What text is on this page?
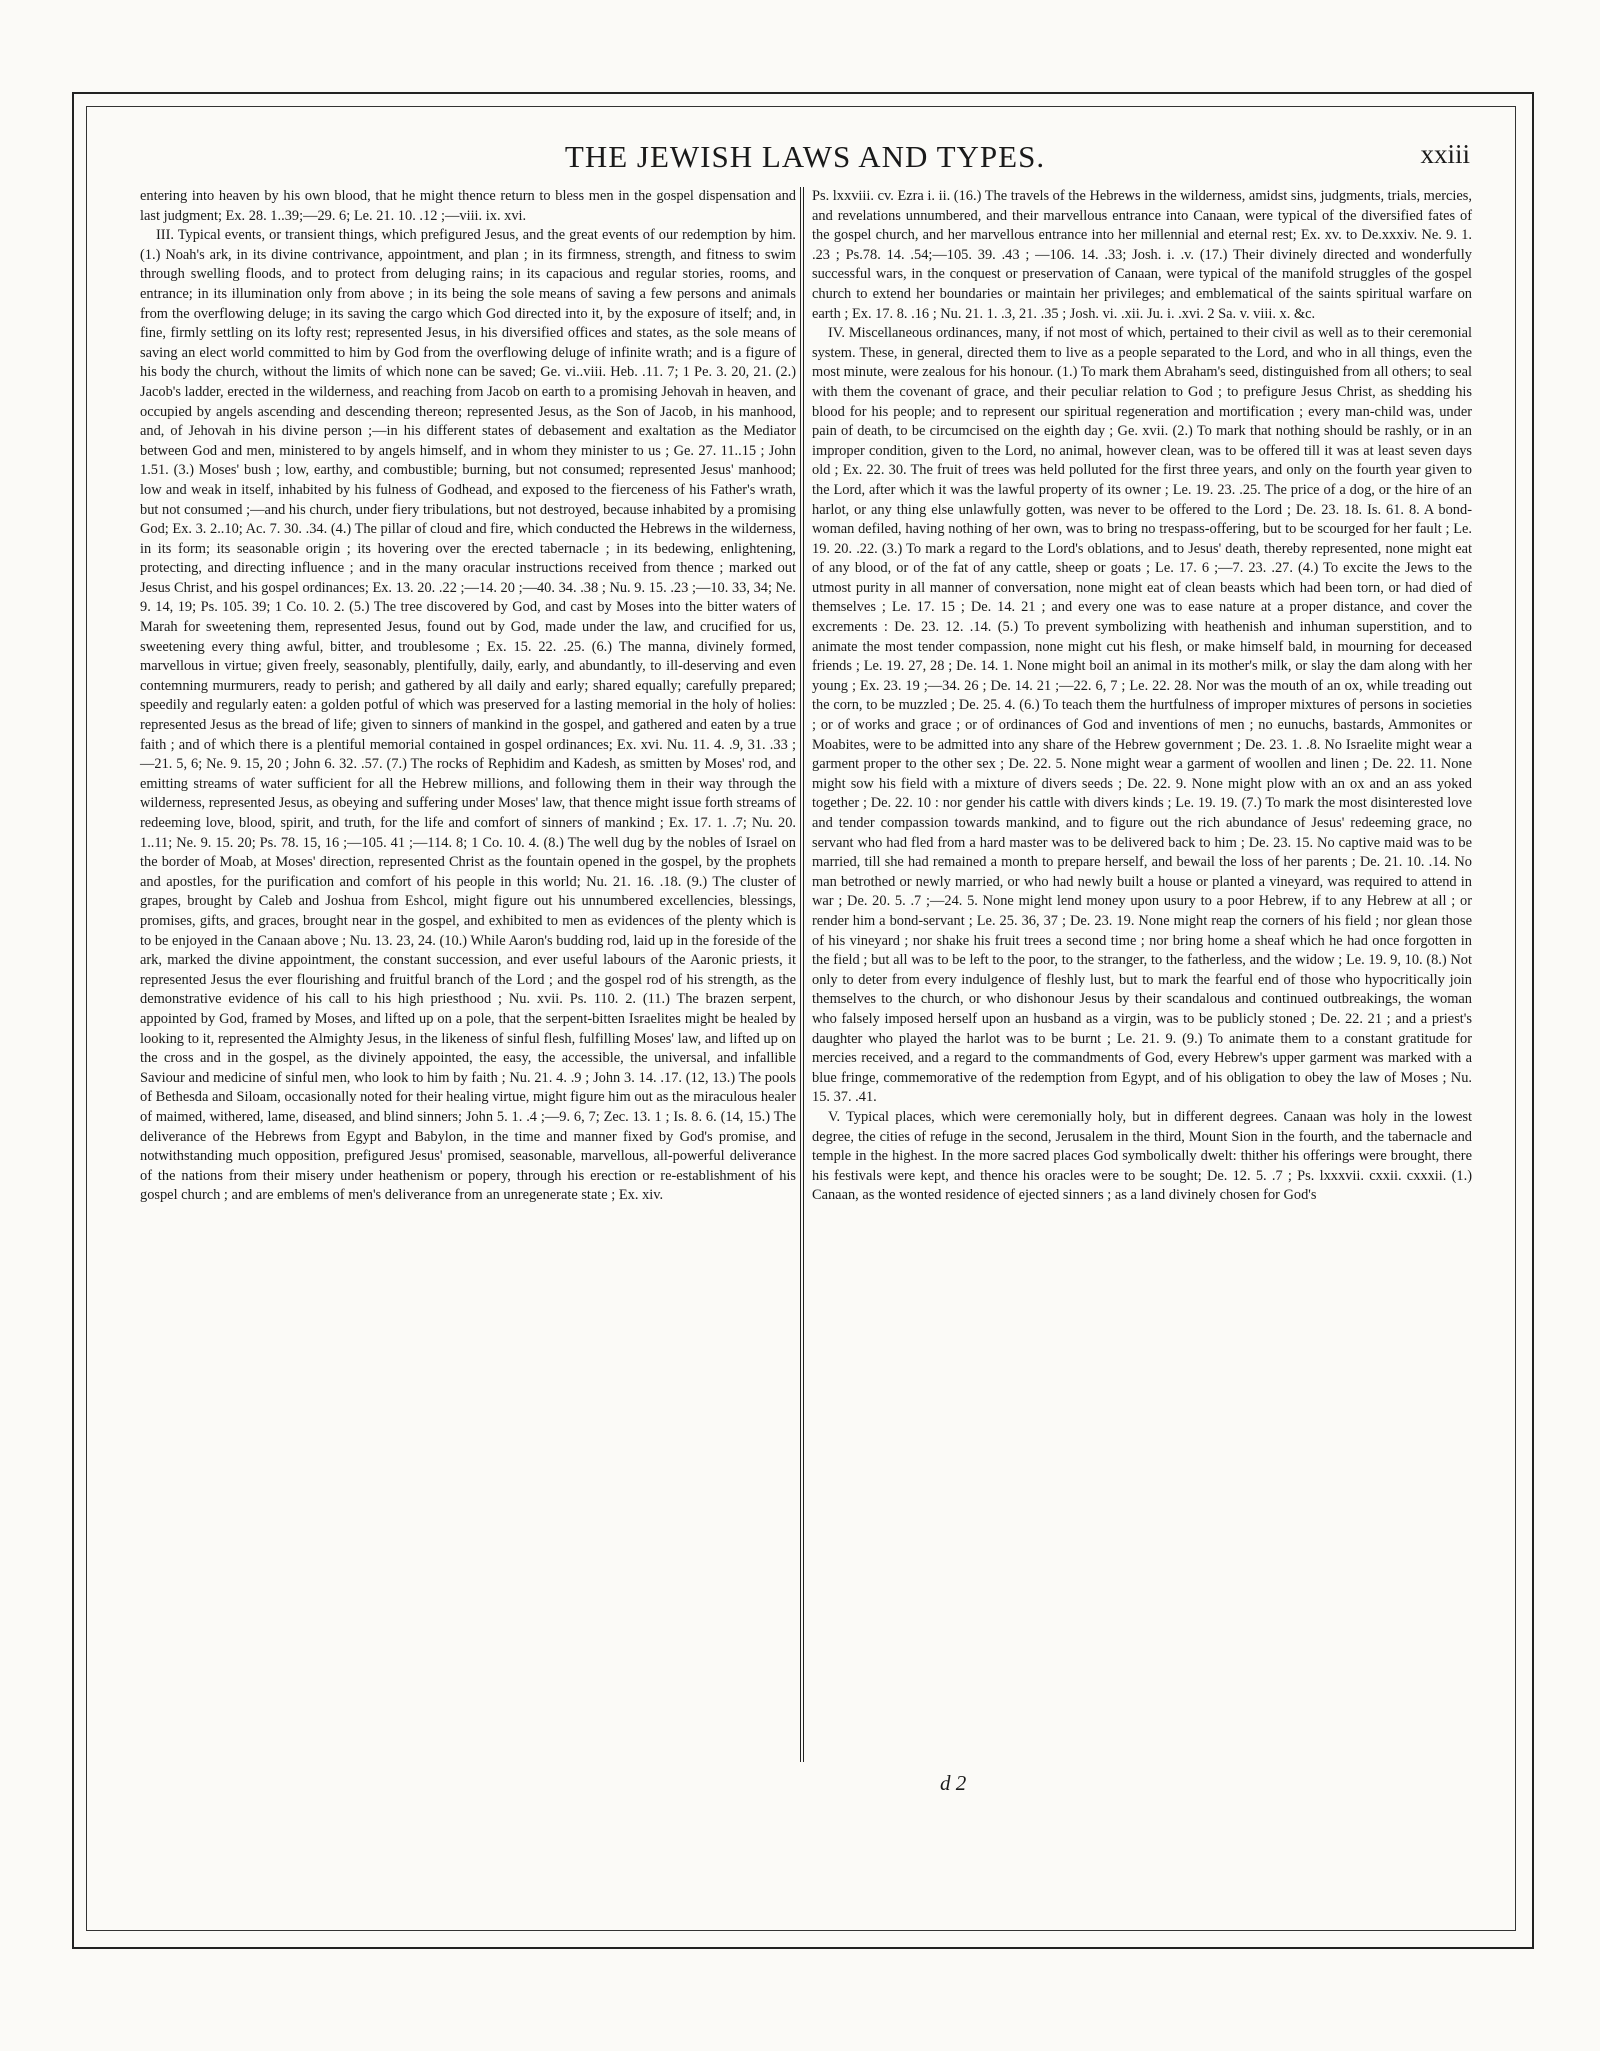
THE JEWISH LAWS AND TYPES.	xxiii

entering into heaven by his own blood, that he might thence return to bless men in the gospel dispensation and last judgment; Ex. 28. 1..39;—29. 6; Le. 21. 10. .12 ;—viii. ix. xvi.

III. Typical events, or transient things, which prefigured Jesus, and the great events of our redemption by him. (1.) Noah's ark, in its divine contrivance, appointment, and plan ; in its firmness, strength, and fitness to swim through swelling floods, and to protect from deluging rains; in its capacious and regular stories, rooms, and entrance; in its illumination only from above ; in its being the sole means of saving a few persons and animals from the overflowing deluge; in its saving the cargo which God directed into it, by the exposure of itself; and, in fine, firmly settling on its lofty rest; represented Jesus, in his diversified offices and states, as the sole means of saving an elect world committed to him by God from the overflowing deluge of infinite wrath; and is a figure of his body the church, without the limits of which none can be saved; Ge. vi..viii. Heb. .11. 7; 1 Pe. 3. 20, 21. (2.) Jacob's ladder, erected in the wilderness, and reaching from Jacob on earth to a promising Jehovah in heaven, and occupied by angels ascending and descending thereon; represented Jesus, as the Son of Jacob, in his manhood, and, of Jehovah in his divine person ;—in his different states of debasement and exaltation as the Mediator between God and men, ministered to by angels himself, and in whom they minister to us ; Ge. 27. 11..15 ; John 1.51. (3.) Moses' bush ; low, earthy, and combustible; burning, but not consumed; represented Jesus' manhood; low and weak in itself, inhabited by his fulness of Godhead, and exposed to the fierceness of his Father's wrath, but not consumed ;—and his church, under fiery tribulations, but not destroyed, because inhabited by a promising God; Ex. 3. 2..10; Ac. 7. 30. .34. (4.) The pillar of cloud and fire, which conducted the Hebrews in the wilderness, in its form; its seasonable origin ; its hovering over the erected tabernacle ; in its bedewing, enlightening, protecting, and directing influence ; and in the many oracular instructions received from thence ; marked out Jesus Christ, and his gospel ordinances; Ex. 13. 20. .22 ;—14. 20 ;—40. 34. .38 ; Nu. 9. 15. .23 ;—10. 33, 34; Ne. 9. 14, 19; Ps. 105. 39; 1 Co. 10. 2. (5.) The tree discovered by God, and cast by Moses into the bitter waters of Marah for sweetening them, represented Jesus, found out by God, made under the law, and crucified for us, sweetening every thing awful, bitter, and troublesome ; Ex. 15. 22. .25. (6.) The manna, divinely formed, marvellous in virtue; given freely, seasonably, plentifully, daily, early, and abundantly, to ill-deserving and even contemning murmurers, ready to perish; and gathered by all daily and early; shared equally; carefully prepared; speedily and regularly eaten: a golden potful of which was preserved for a lasting memorial in the holy of holies: represented Jesus as the bread of life; given to sinners of mankind in the gospel, and gathered and eaten by a true faith ; and of which there is a plentiful memorial contained in gospel ordinances; Ex. xvi. Nu. 11. 4. .9, 31. .33 ;—21. 5, 6; Ne. 9. 15, 20 ; John 6. 32. .57. (7.) The rocks of Rephidim and Kadesh, as smitten by Moses' rod, and emitting streams of water sufficient for all the Hebrew millions, and following them in their way through the wilderness, represented Jesus, as obeying and suffering under Moses' law, that thence might issue forth streams of redeeming love, blood, spirit, and truth, for the life and comfort of sinners of mankind ; Ex. 17. 1. .7; Nu. 20. 1..11; Ne. 9. 15. 20; Ps. 78. 15, 16 ;—105. 41 ;—114. 8; 1 Co. 10. 4. (8.) The well dug by the nobles of Israel on the border of Moab, at Moses' direction, represented Christ as the fountain opened in the gospel, by the prophets and apostles, for the purification and comfort of his people in this world; Nu. 21. 16. .18. (9.) The cluster of grapes, brought by Caleb and Joshua from Eshcol, might figure out his unnumbered excellencies, blessings, promises, gifts, and graces, brought near in the gospel, and exhibited to men as evidences of the plenty which is to be enjoyed in the Canaan above ; Nu. 13. 23, 24. (10.) While Aaron's budding rod, laid up in the foreside of the ark, marked the divine appointment, the constant succession, and ever useful labours of the Aaronic priests, it represented Jesus the ever flourishing and fruitful branch of the Lord ; and the gospel rod of his strength, as the demonstrative evidence of his call to his high priesthood ; Nu. xvii. Ps. 110. 2. (11.) The brazen serpent, appointed by God, framed by Moses, and lifted up on a pole, that the serpent-bitten Israelites might be healed by looking to it, represented the Almighty Jesus, in the likeness of sinful flesh, fulfilling Moses' law, and lifted up on the cross and in the gospel, as the divinely appointed, the easy, the accessible, the universal, and infallible Saviour and medicine of sinful men, who look to him by faith ; Nu. 21. 4. .9 ; John 3. 14. .17. (12, 13.) The pools of Bethesda and Siloam, occasionally noted for their healing virtue, might figure him out as the miraculous healer of maimed, withered, lame, diseased, and blind sinners; John 5. 1. .4 ;—9. 6, 7; Zec. 13. 1 ; Is. 8. 6. (14, 15.) The deliverance of the Hebrews from Egypt and Babylon, in the time and manner fixed by God's promise, and notwithstanding much opposition, prefigured Jesus' promised, seasonable, marvellous, all-powerful deliverance of the nations from their misery under heathenism or popery, through his erection or re-establishment of his gospel church ; and are emblems of men's deliverance from an unregenerate state ; Ex. xiv.

Ps. lxxviii. cv. Ezra i. ii. (16.) The travels of the Hebrews in the wilderness, amidst sins, judgments, trials, mercies, and revelations unnumbered, and their marvellous entrance into Canaan, were typical of the diversified fates of the gospel church, and her marvellous entrance into her millennial and eternal rest; Ex. xv. to De.xxxiv. Ne. 9. 1. .23 ; Ps.78. 14. .54;—105. 39. .43 ; —106. 14. .33; Josh. i. .v. (17.) Their divinely directed and wonderfully successful wars, in the conquest or preservation of Canaan, were typical of the manifold struggles of the gospel church to extend her boundaries or maintain her privileges; and emblematical of the saints spiritual warfare on earth ; Ex. 17. 8. .16 ; Nu. 21. 1. .3, 21. .35 ; Josh. vi. .xii. Ju. i. .xvi. 2 Sa. v. viii. x. &c.

IV. Miscellaneous ordinances, many, if not most of which, pertained to their civil as well as to their ceremonial system. These, in general, directed them to live as a people separated to the Lord, and who in all things, even the most minute, were zealous for his honour. (1.) To mark them Abraham's seed, distinguished from all others; to seal with them the covenant of grace, and their peculiar relation to God ; to prefigure Jesus Christ, as shedding his blood for his people; and to represent our spiritual regeneration and mortification ; every man-child was, under pain of death, to be circumcised on the eighth day ; Ge. xvii. (2.) To mark that nothing should be rashly, or in an improper condition, given to the Lord, no animal, however clean, was to be offered till it was at least seven days old ; Ex. 22. 30. The fruit of trees was held polluted for the first three years, and only on the fourth year given to the Lord, after which it was the lawful property of its owner ; Le. 19. 23. .25. The price of a dog, or the hire of an harlot, or any thing else unlawfully gotten, was never to be offered to the Lord ; De. 23. 18. Is. 61. 8. A bond-woman defiled, having nothing of her own, was to bring no trespass-offering, but to be scourged for her fault ; Le. 19. 20. .22. (3.) To mark a regard to the Lord's oblations, and to Jesus' death, thereby represented, none might eat of any blood, or of the fat of any cattle, sheep or goats ; Le. 17. 6 ;—7. 23. .27. (4.) To excite the Jews to the utmost purity in all manner of conversation, none might eat of clean beasts which had been torn, or had died of themselves ; Le. 17. 15 ; De. 14. 21 ; and every one was to ease nature at a proper distance, and cover the excrements : De. 23. 12. .14. (5.) To prevent symbolizing with heathenish and inhuman superstition, and to animate the most tender compassion, none might cut his flesh, or make himself bald, in mourning for deceased friends ; Le. 19. 27, 28 ; De. 14. 1. None might boil an animal in its mother's milk, or slay the dam along with her young ; Ex. 23. 19 ;—34. 26 ; De. 14. 21 ;—22. 6, 7 ; Le. 22. 28. Nor was the mouth of an ox, while treading out the corn, to be muzzled ; De. 25. 4. (6.) To teach them the hurtfulness of improper mixtures of persons in societies ; or of works and grace ; or of ordinances of God and inventions of men ; no eunuchs, bastards, Ammonites or Moabites, were to be admitted into any share of the Hebrew government ; De. 23. 1. .8. No Israelite might wear a garment proper to the other sex ; De. 22. 5. None might wear a garment of woollen and linen ; De. 22. 11. None might sow his field with a mixture of divers seeds ; De. 22. 9. None might plow with an ox and an ass yoked together ; De. 22. 10 : nor gender his cattle with divers kinds ; Le. 19. 19. (7.) To mark the most disinterested love and tender compassion towards mankind, and to figure out the rich abundance of Jesus' redeeming grace, no servant who had fled from a hard master was to be delivered back to him ; De. 23. 15. No captive maid was to be married, till she had remained a month to prepare herself, and bewail the loss of her parents ; De. 21. 10. .14. No man betrothed or newly married, or who had newly built a house or planted a vineyard, was required to attend in war ; De. 20. 5. .7 ;—24. 5. None might lend money upon usury to a poor Hebrew, if to any Hebrew at all ; or render him a bond-servant ; Le. 25. 36, 37 ; De. 23. 19. None might reap the corners of his field ; nor glean those of his vineyard ; nor shake his fruit trees a second time ; nor bring home a sheaf which he had once forgotten in the field ; but all was to be left to the poor, to the stranger, to the fatherless, and the widow ; Le. 19. 9, 10. (8.) Not only to deter from every indulgence of fleshly lust, but to mark the fearful end of those who hypocritically join themselves to the church, or who dishonour Jesus by their scandalous and continued outbreakings, the woman who falsely imposed herself upon an husband as a virgin, was to be publicly stoned ; De. 22. 21 ; and a priest's daughter who played the harlot was to be burnt ; Le. 21. 9. (9.) To animate them to a constant gratitude for mercies received, and a regard to the commandments of God, every Hebrew's upper garment was marked with a blue fringe, commemorative of the redemption from Egypt, and of his obligation to obey the law of Moses ; Nu. 15. 37. .41.

V. Typical places, which were ceremonially holy, but in different degrees. Canaan was holy in the lowest degree, the cities of refuge in the second, Jerusalem in the third, Mount Sion in the fourth, and the tabernacle and temple in the highest. In the more sacred places God symbolically dwelt: thither his offerings were brought, there his festivals were kept, and thence his oracles were to be sought; De. 12. 5. .7 ; Ps. lxxxvii. cxxii. cxxxii. (1.) Canaan, as the wonted residence of ejected sinners ; as a land divinely chosen for God's

d 2
